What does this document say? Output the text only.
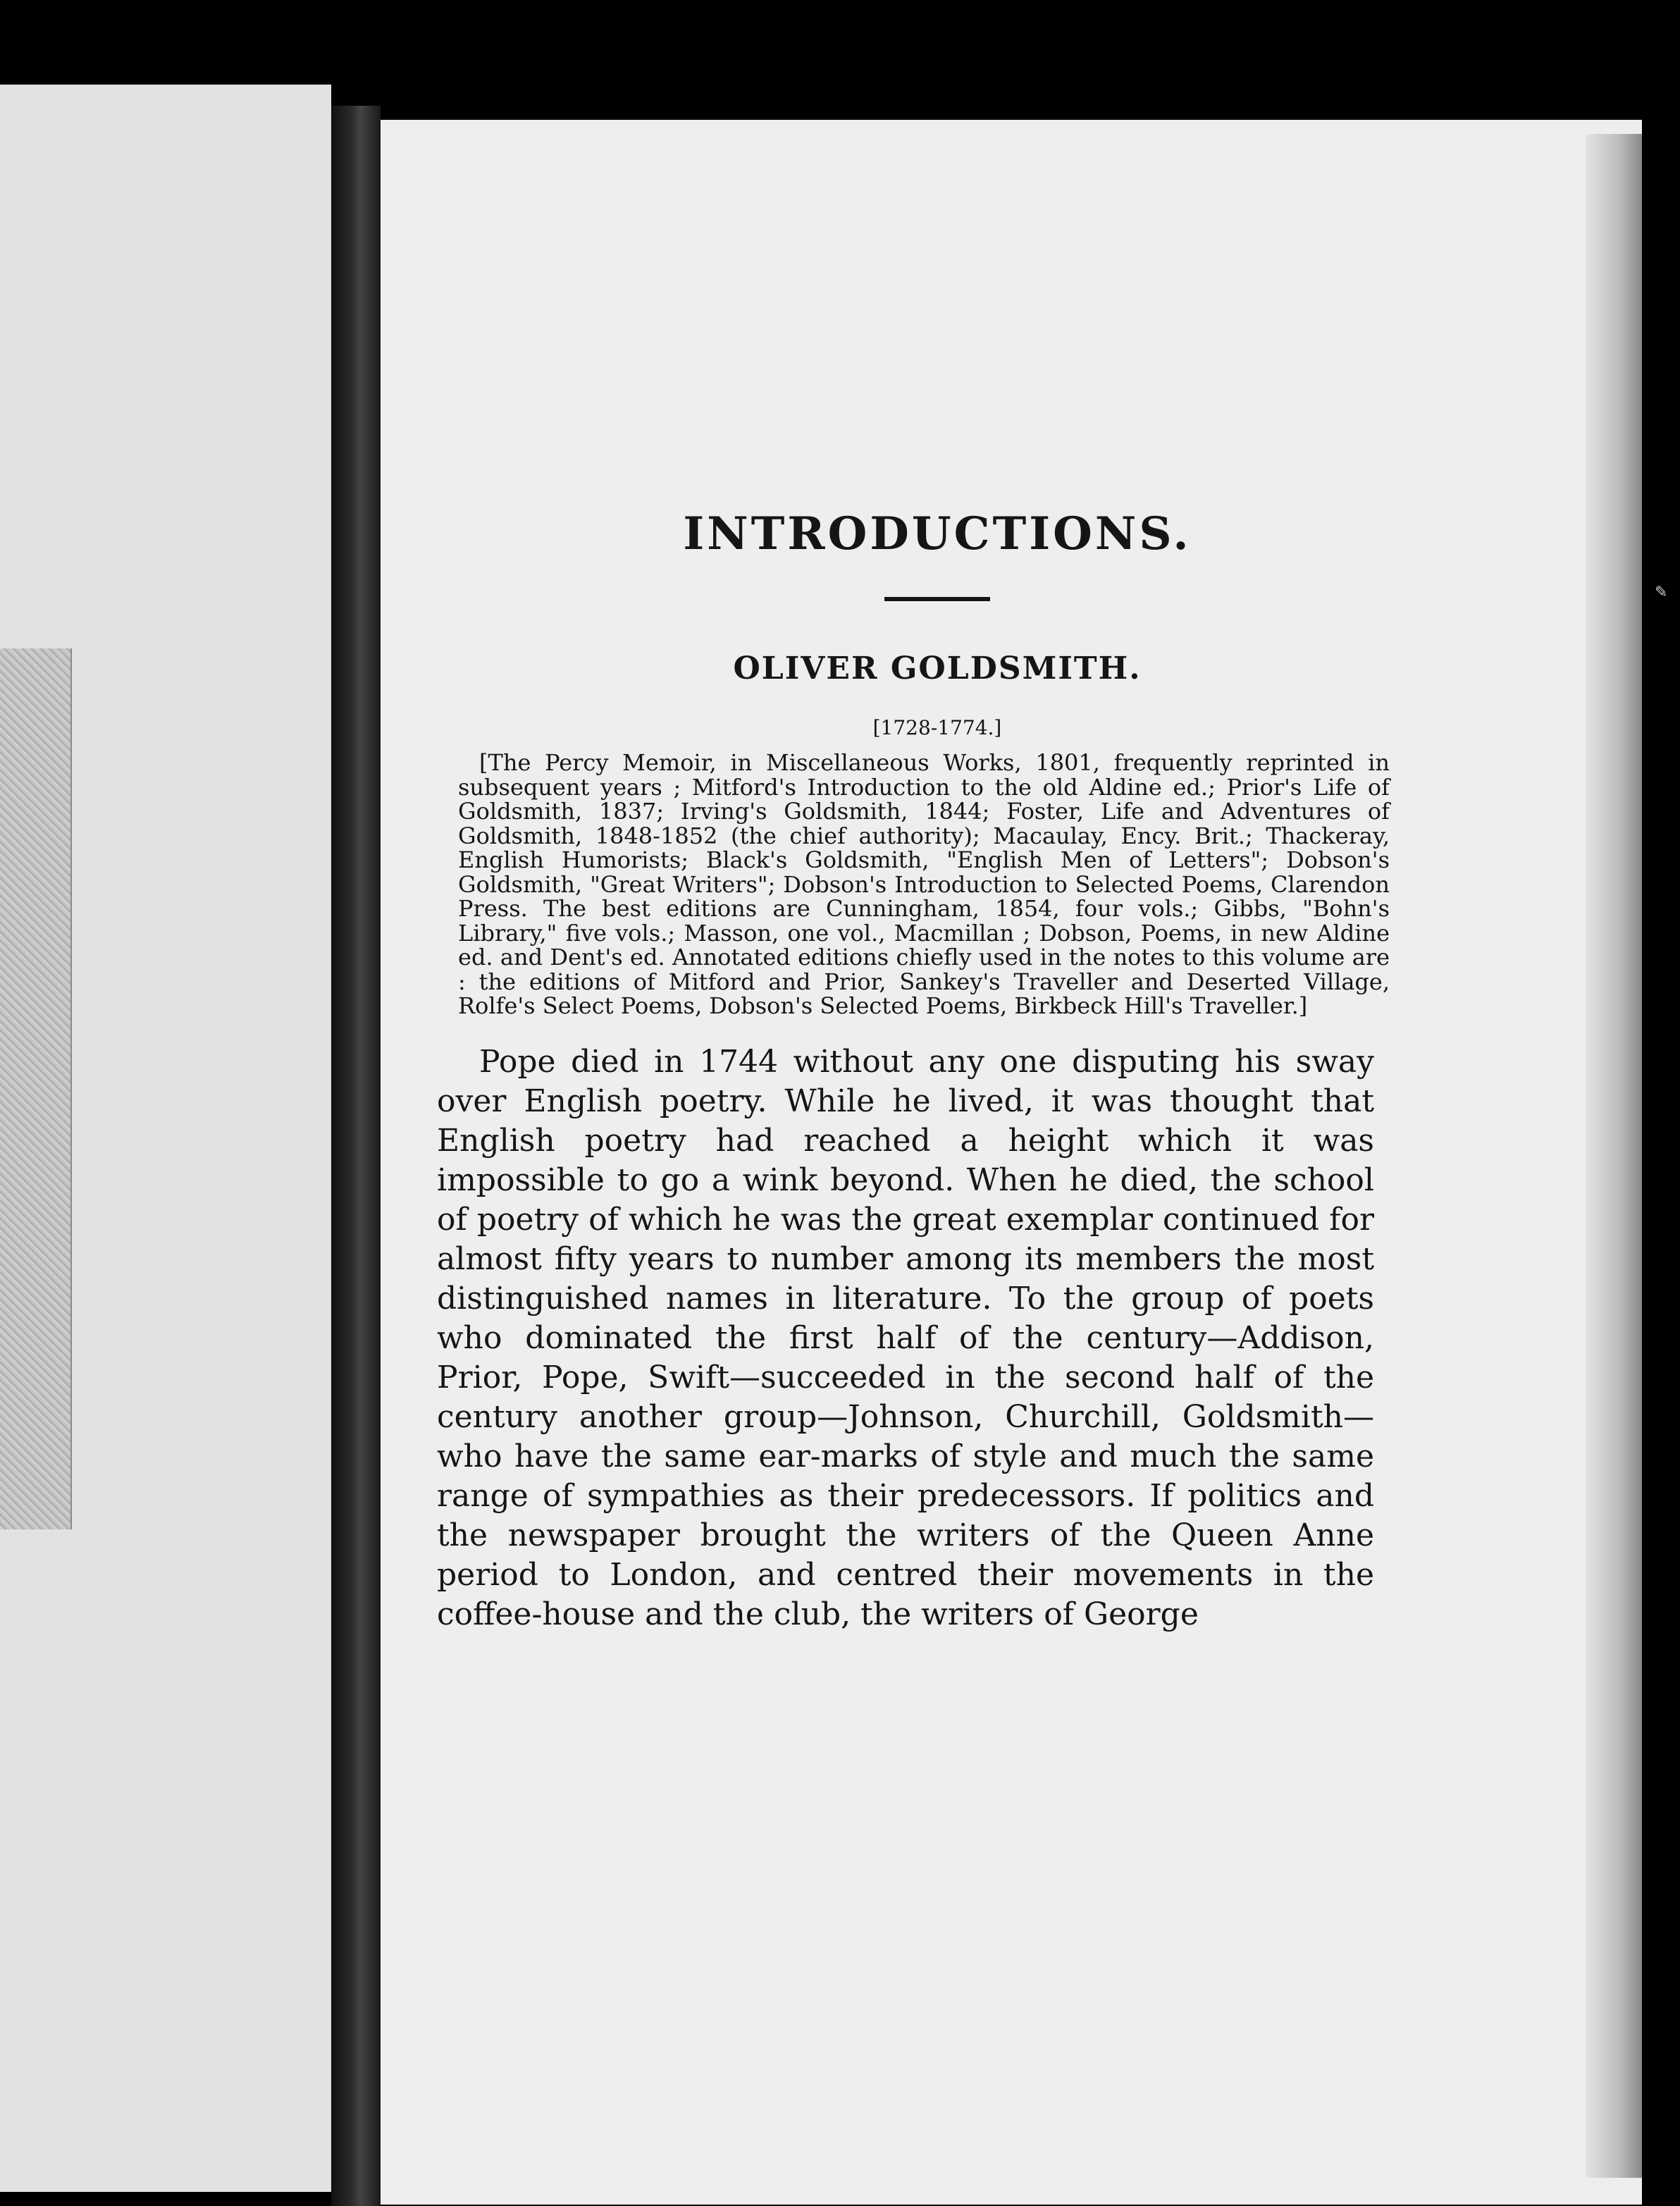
✎
INTRODUCTIONS.
OLIVER GOLDSMITH.
[1728-1774.]

[The Percy Memoir, in Miscellaneous Works, 1801, frequently reprinted in subsequent years ; Mitford's Introduction to the old Aldine ed.; Prior's Life of Goldsmith, 1837; Irving's Goldsmith, 1844; Foster, Life and Adventures of Goldsmith, 1848-1852 (the chief authority); Macaulay, Ency. Brit.; Thackeray, English Humorists; Black's Goldsmith, "English Men of Letters"; Dobson's Goldsmith, "Great Writers"; Dobson's Introduction to Selected Poems, Clarendon Press. The best editions are Cunningham, 1854, four vols.; Gibbs, "Bohn's Library," five vols.; Masson, one vol., Macmillan ; Dobson, Poems, in new Aldine ed. and Dent's ed. Annotated editions chiefly used in the notes to this volume are : the editions of Mitford and Prior, Sankey's Traveller and Deserted Village, Rolfe's Select Poems, Dobson's Selected Poems, Birkbeck Hill's Traveller.]

Pope died in 1744 without any one disputing his sway over English poetry. While he lived, it was thought that English poetry had reached a height which it was impossible to go a wink beyond. When he died, the school of poetry of which he was the great exemplar continued for almost fifty years to number among its members the most distinguished names in literature. To the group of poets who dominated the first half of the century—Addison, Prior, Pope, Swift—succeeded in the second half of the century another group—Johnson, Churchill, Goldsmith—who have the same ear-marks of style and much the same range of sympathies as their predecessors. If politics and the newspaper brought the writers of the Queen Anne period to London, and centred their movements in the coffee-house and the club, the writers of George
